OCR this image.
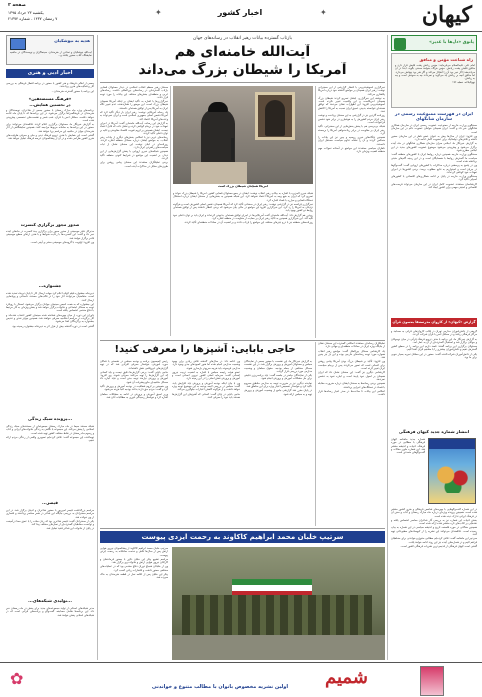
کیهان
اخبار کشور
صفحه ۲
یکشنبه ۲۳ خرداد ۱۳۹۵
۷ رمضان ۱۴۳۷ - شماره ۲۱۳۷۴
✦	✦
هدیه به نیوشکیان
آیت‌الله نیوشکیان و تعدادی از هنرمندان، سینماگران و نویسندگان در حاشیه نمایشگاه کتاب حضور یافتند و...
اخبار ادبی و هنری

جمعی از اهالی فرهنگ و هنر کشور با حضور در برنامه افطار فرهنگی به بررسی آثار و فعالیت‌های هنری پرداختند.

این برنامه با حضور گسترده هنرمندان...

«فرهنگ مستضعفین»
در نخستین همایش...

برنامه‌های ویژه ماه مبارک رمضان با حضور جمعی از شاعران، نویسندگان و هنرمندان در فرهنگسراها برگزار می‌شود. در این برنامه‌ها که تا پایان ماه ادامه خواهد داشت، محافل انس با قرآن، شب شعر و نشست‌های تخصصی پیش‌بینی شده است.

به گزارش خبرنگار ما، مسئولان برگزاری اعلام کردند علاقمندان می‌توانند برای حضور در این برنامه‌ها به سامانه مربوط مراجعه کنند. همچنین نمایشگاهی از آثار هنرمندان جوان در حاشیه این مراسم برپا خواهد شد.

گفتنی است این همایش با هدف ترویج فرهنگ دینی و ملی و معرفی ظرفیت‌های هنری کشور طراحی شده و در آن از پیشکسوتان عرصه فرهنگ تجلیل خواهد شد.

صدور مجوز برگزاری کنسرت

مدیرکل دفتر موسیقی از صدور مجوز برای برگزاری چند کنسرت در ماه‌های آینده خبر داد و گفت: این کنسرت‌ها با رعایت ضوابط و با هدف ارتقای سطح موسیقی فاخر برگزار خواهد شد.

وی افزود: اولویت با گروه‌های موسیقی سنتی و آیینی است.

جشنواره...

دبیرخانه جشنواره فیلم کوتاه اعلام کرد مهلت ارسال آثار تا پایان تیرماه تمدید شده است. متقاضیان می‌توانند آثار خود را در قالب‌های مستند، داستانی و پویانمایی ارسال کنند.

این جشنواره که به همت انجمن سینمای جوانان برگزار می‌شود، امسال با رویکرد توجه به مسائل اجتماعی و خانواده برگزار خواهد شد و بخش ویژه‌ای به آثار مرتبط با دفاع مقدس اختصاص یافته است.

داوران این دوره از میان چهره‌های شناخته شده سینمای کشور انتخاب شده‌اند و آثار برگزیده در مراسم اختتامیه معرفی خواهند شد. همچنین جوایز نقدی و تندیس جشنواره به برگزیدگان اهدا می‌شود.

گفتنی است در دوره گذشته بیش از هزار اثر به دبیرخانه جشنواره رسیده بود.

...پرونده سبک زندگی

شبکه مستند سیما در ماه مبارک رمضان مجموعه‌ای از مستندهای سبک زندگی اسلامی را پخش می‌کند. این مجموعه با نگاهی به زندگی خانواده‌های ایرانی و آداب و رسوم ماه رمضان در نقاط مختلف کشور تهیه شده است.

تهیه‌کننده این مجموعه گفت: تلاش کرده‌ایم تصویری واقعی از زندگی مردم ارائه دهیم.

قیصر...

مراسم بزرگداشت قیصر امین‌پور با حضور شاعران و ادیبان برگزار شد. در این مراسم سخنرانان به بررسی جایگاه این شاعر در شعر معاصر پرداختند و اشعاری از وی خوانده شد.

یکی از سخنرانان گفت: قیصر شاعری بود که زبان ساده را با عمق معنا درآمیخت و توانست مخاطبان گسترده‌ای از نسل‌های مختلف پیدا کند.

در پایان از خانواده این شاعر فقید تجلیل شد.

...تولیدی شبکه‌های...

مدیر شبکه‌های استانی از تولید مجموعه‌های جدید برای پخش در ماه رمضان خبر داد. این برنامه‌ها شامل مسابقه، گفت‌وگو و برنامه‌های قرآنی است که در شبکه‌های استانی پخش خواهد شد.

بازتاب گسترده بیانات رهبر انقلاب در رسانه‌های جهان
آیت‌الله خامنه‌ای هم
آمریکا را شیطان بزرگ می‌داند

سخنان رهبر معظم انقلاب اسلامی در دیدار مسئولان قضایی بازتاب گسترده‌ای در رسانه‌های بین‌المللی داشت. رسانه‌های غربی و منطقه‌ای بخش‌های مختلف این بیانات را مورد توجه قرار دادند.

خبرگزاری‌ها با اشاره به تأکید ایشان بر اینکه آمریکا همچنان شیطان بزرگ است، این موضع را نشان‌دهنده عدم تغییر نگاه ایران به آمریکا پس از توافق هسته‌ای دانستند.

یک رسانه آمریکایی نوشت: رهبر ایران بار دیگر تأکید کرد که آمریکا دشمن اصلی جمهوری اسلامی است و ایران نمی‌تواند به وعده‌های آمریکا اعتماد کند.

به گزارش این رسانه، آیت‌الله خامنه‌ای گفت: آمریکا در اجرای تعهدات خود در برجام کوتاهی کرده و نشان داده که قابل اعتماد نیست. ایشان همچنین بر لزوم تقویت اقتصاد مقاومتی و تکیه بر توان داخلی تأکید کردند.

رسانه‌های عربی نیز با انعکاس بخش‌های دیگری از بیانات رهبر انقلاب، به مواضع ایشان درباره مسائل منطقه اشاره کردند. روزنامه‌ای در لبنان نوشت این سخنان نشان از ثبات سیاست‌های راهبردی ایران دارد.

همچنین شبکه‌های خبری اروپایی با پخش گزارش‌هایی از این دیدار، بر اهمیت این مواضع در شرایط کنونی منطقه تأکید کردند.

برخی تحلیلگران معتقدند این سخنان پیامی روشن برای طرف‌های مقابل در مذاکرات آینده است.

آمریکا همچنان شیطان بزرگ است

شبکه خبری الجزیره با اشاره به بیانات رهبر انقلاب نوشت: ایشان در جمع مسئولان قضایی کشور، آمریکا را شیطان بزرگ خواند و تصریح کرد که ایران به هیچ وجه به آمریکا اعتماد نخواهد کرد. این شبکه همچنین به بخش‌هایی از سخنان ایشان درباره استقلال دستگاه قضایی و مبارزه با فساد اشاره کرد.

خبرگزاری فرانسه نیز در گزارشی نوشت: رهبر ایران در سخنانی تأکید کرد که آمریکا همچنان دشمن اصلی کشورش است و هرگونه نزدیکی به آمریکا را رد کرد. این خبرگزاری افزود این مواضع در حالی بیان می‌شود که برخی انتظار داشتند پس از توافق هسته‌ای روابط دو کشور بهبود یابد.

رویترز هم گزارش داد: آیت‌الله خامنه‌ای گفت آمریکایی‌ها در اجرای توافق هسته‌ای بدعهدی کرده‌اند و ایران باید بر توان داخلی خود تکیه کند. این خبرگزاری همچنین به تأکید رهبر ایران بر حمایت از مقاومت در منطقه اشاره کرد.

روزنامه‌های منطقه نیز با درج تیترهای مختلف این مواضع را بازتاب دادند و بر اهمیت آن در معادلات منطقه‌ای تأکید کردند.

خبرگزاری آسوشیتدپرس با انتشار گزارشی از این سخنرانی نوشت: رهبر ایران همچنان بر مواضع گذشته خود درباره آمریکا پافشاری می‌کند.

به نوشته این خبرگزاری، ایشان تصریح کردند شیطان بزرگ همچنان آمریکاست و این واقعیت تغییر نکرده است. آسوشیتدپرس افزود: این اظهارات نشان می‌دهد که توافق هسته‌ای نتوانسته بدبینی عمیق ایران نسبت به آمریکا را کاهش دهد.

روزنامه گاردین نیز در گزارشی به این سخنان پرداخت و نوشت رهبر ایران مردم کشورش را به هوشیاری در برابر نفوذ دشمن فراخوانده است.

شبکه بی‌بی‌سی هم با پخش بخش‌هایی از این سخنرانی، تأکید رهبر ایران بر مقاومت در برابر زیاده‌خواهی آمریکا را برجسته کرد.

همچنین پایگاه‌های خبری روسیه و چین نیز این بیانات را منعکس کردند و آن را نشانه تداوم سیاست مستقل ایران دانستند.

ناظران سیاسی معتقدند این مواضع در آستانه تحولات مهم منطقه اهمیت ویژه‌ای دارد.

حاجی بابایی: آشپزها را معرفی کنید!

رئیس کمیسیون برنامه و بودجه مجلس در نشستی با فعالان حوزه آموزش، خواستار معرفی افرادی شد که در تهیه گزارش‌های غیرواقعی نقش داشته‌اند.

حاجی بابایی گفت: برخی گزارش‌ها دقیق نیست و باید کسانی که این گزارش‌ها را تهیه می‌کنند معرفی شوند. وی افزود: آموزش و پرورش نیازمند توجه جدی است و نباید اجازه داد مسائل حاشیه‌ای مانع پیشرفت آن شود.

وی همچنین بر لزوم شفافیت در بودجه آموزش و پرورش تأکید کرد و گفت: مردم حق دارند بدانند بودجه کجا هزینه می‌شود.

وزیر اسبق آموزش و پرورش در ادامه به مشکلات معلمان اشاره کرد و خواستار رسیدگی فوری به مطالبات آنان شد.

وی ادامه داد: در سال‌های گذشته تلاش زیادی برای بهبود وضعیت مدارس انجام شده اما هنوز کمبودهای جدی وجود دارد. مدارس فرسوده باید هرچه سریع‌تر بازسازی شوند.

عضو هیئت رئیسه مجلس با اشاره به اهمیت تربیت نیروی انسانی گفت: سرمایه اصلی کشور نیروی انسانی است و آموزش و پرورش نقش اصلی را در این زمینه دارد.

وی با بیان اینکه بودجه آموزش و پرورش باید افزایش یابد، گفت: مجلس در بررسی لایحه بودجه به این موضوع توجه ویژه خواهد داشت و از هرگونه کاهش اعتبارات جلوگیری می‌کند.

حاجی بابایی در پایان گفت: کسانی که آشپزهای این گزارش‌ها هستند باید خود را معرفی کنند.

به گزارش خبرنگار ما، این نشست با حضور جمعی از نمایندگان مجلس و مسئولان آموزش و پرورش برگزار شد. در این نشست مسائل مختلفی از جمله بودجه، حقوق معلمان و وضعیت مدارس مورد بررسی قرار گرفت.

یکی از نمایندگان حاضر در جلسه گفت: باید برنامه‌ریزی دقیقی برای حل مشکلات آموزش و پرورش انجام شود.

نماینده دیگری نیز بر ضرورت توجه به مدارس مناطق محروم تأکید کرد و خواستار تخصیص اعتبار ویژه برای این مناطق شد.

در پایان مقرر شد گزارشی جامع از وضعیت آموزش و پرورش تهیه و به مجلس ارائه شود.

تحلیلگران رسانه‌ای معتقدند انعکاس گسترده این سخنان نشان از جایگاه ویژه ایران در معادلات منطقه‌ای و جهانی دارد.

یک کارشناس مسائل بین‌الملل گفت: مواضع رهبر انقلاب همواره مورد توجه رسانه‌های خارجی بوده و این بار نیز چنین شد.

وی افزود: تأکید بر شیطان بزرگ بودن آمریکا پیامی روشن برای کسانی است که تصور می‌کردند پس از برجام سیاست ایران تغییر کرده است.

کارشناس دیگری نیز گفت: این سخنان نشان داد که ایران همچنان بر اصول خود پایبند است و اجازه نفوذ به دشمن نمی‌دهد.

همچنین برخی رسانه‌ها به سخنان ایشان درباره ضرورت مقابله با فساد در دستگاه‌های اجرایی پرداختند.

انعکاس این بیانات تا ساعت‌ها در صدر اخبار رسانه‌ها قرار داشت.

سرتیپ خلبان محمد ابراهیم کاکاوند به رحمت ایزدی پیوست

سرتیپ خلبان محمد ابراهیم کاکاوند از پیشکسوتان نیروی هوایی ارتش پس از سال‌ها تلاش و خدمت صادقانه به رحمت ایزدی پیوست.

مراسم تشییع پیکر این خلبان دلاور با حضور فرماندهان و کارکنان نیروی هوایی ارتش و خانواده وی برگزار شد.

وی از خلبانان شجاع دوران دفاع مقدس بود که در عملیات‌های مختلفی حضور داشت و افتخارات زیادی کسب کرد.

پیکر این خلبان پس از اقامه نماز در قطعه هنرمندان به خاک سپرده شد.

پاتوق «دل‌ها با غدیر»
راه شناخت مؤمن و منافق

امام علی علیه‌السلام می‌فرمایند: مؤمن زبانش پشت قلبش قرار دارد و منافق قلبش پشت زبانش. مؤمن هرگاه بخواهد سخنی بگوید، ابتدا در آن می‌اندیشد؛ اگر خیر بود آن را آشکار می‌کند و اگر شر بود پنهانش می‌دارد. اما منافق آنچه بر زبانش آید می‌گوید و نمی‌داند چه به سودش است و چه به زیانش.

نهج‌البلاغه، خطبه ۱۷۶

ایران در فهرست ممنوعیت رسمی در سازمان شانگهای

سخنگوی وزارت خارجه از ممنوعیت عضویت رسمی ایران در سازمان همکاری شانگهای خبر داد و گفت: ایران همچنان خواهان عضویت دائم در این سازمان است.

وی افزود: ایران از سال‌ها پیش به عنوان عضو ناظر در این سازمان حضور داشته و تلاش‌های دیپلماتیک برای عضویت کامل ادامه دارد.

به گزارش خبرنگار ما، اجلاس سران سازمان همکاری شانگهای در ماه آینده برگزار می‌شود و پیش‌بینی می‌شود موضوع عضویت کشورهای جدید در این اجلاس مطرح شود.

سخنگوی وزارت خارجه همچنین درباره روابط ایران با کشورهای منطقه گفت: سیاست ما گسترش روابط با همسایگان است و در این زمینه گام‌های مثبتی برداشته شده است.

وی در پاسخ به پرسشی درباره مذاکرات با کشورهای اروپایی گفت: گفت‌وگوها در جریان است و امیدواریم به نتایج مطلوب برسد. برخی کشورها در اجرای تعهدات خود کوتاهی کرده‌اند.

سخنگوی وزارت خارجه در پایان بر ادامه همکاری‌های اقتصادی با کشورهای آسیایی تأکید کرد.

کارشناسان معتقدند عضویت کامل ایران در این سازمان می‌تواند فرصت‌های اقتصادی و امنیتی مهمی برای کشور ایجاد کند.

گزارش «کیهان» از کاروان مدرسه‌ها به‌سوی قرآن

گروهی از دانش‌آموزان مدارس تهران در قالب کاروان‌های قرآنی به مساجد و مراکز فرهنگی رفتند و در محافل انس با قرآن شرکت کردند.

به گزارش خبرنگار ما، این برنامه با هدف ترویج فرهنگ قرآنی در میان نوجوانان و جوانان برگزار شد و استقبال گسترده‌ای از آن به عمل آمد.

مسئولان برگزاری این برنامه گفتند: قصد داریم این برنامه را در سطح کشور گسترش دهیم و دانش‌آموزان بیشتری را با مفاهیم قرآن آشنا کنیم.

یکی از دانش‌آموزان شرکت‌کننده گفت: حضور در این محافل تجربه بسیار خوبی برای ما بود.

انتشار شماره جدید کیهان فرهنگی

شماره جدید ماهنامه کیهان فرهنگی با مطالبی در حوزه فرهنگ، ادبیات و اندیشه منتشر شد. این شماره حاوی مقالات و گفت‌وگوهای متعددی است.

در این شماره گفت‌وگوهایی با چهره‌های شاخص فرهنگی و هنری کشور منتشر شده است. همچنین پرونده ویژه‌ای درباره ماه مبارک رمضان و آداب و سنن آن در فرهنگ ایرانی تدارک دیده شده است.

بخش ادبیات این شماره نیز به بررسی آثار شاعران معاصر اختصاص یافته و نقدهایی بر کتاب‌های تازه منتشر شده ارائه شده است.

همچنین مقالاتی در حوزه فلسفه، تاریخ و اندیشه سیاسی در این شماره به چاپ رسیده است. علاقمندان می‌توانند این نشریه را از کیوسک‌های مطبوعاتی تهیه کنند.

سردبیر این ماهنامه گفت: تلاش کرده‌ایم مطالبی متنوع و خواندنی برای مخاطبان فراهم کنیم و در شماره‌های آینده نیز این روند ادامه خواهد یافت.

گفتنی است کیهان فرهنگی از قدیمی‌ترین نشریات فرهنگی کشور است.

شمیم
اولین نشریه مخصوص بانوان با مطالب متنوع و خواندنی
✿
